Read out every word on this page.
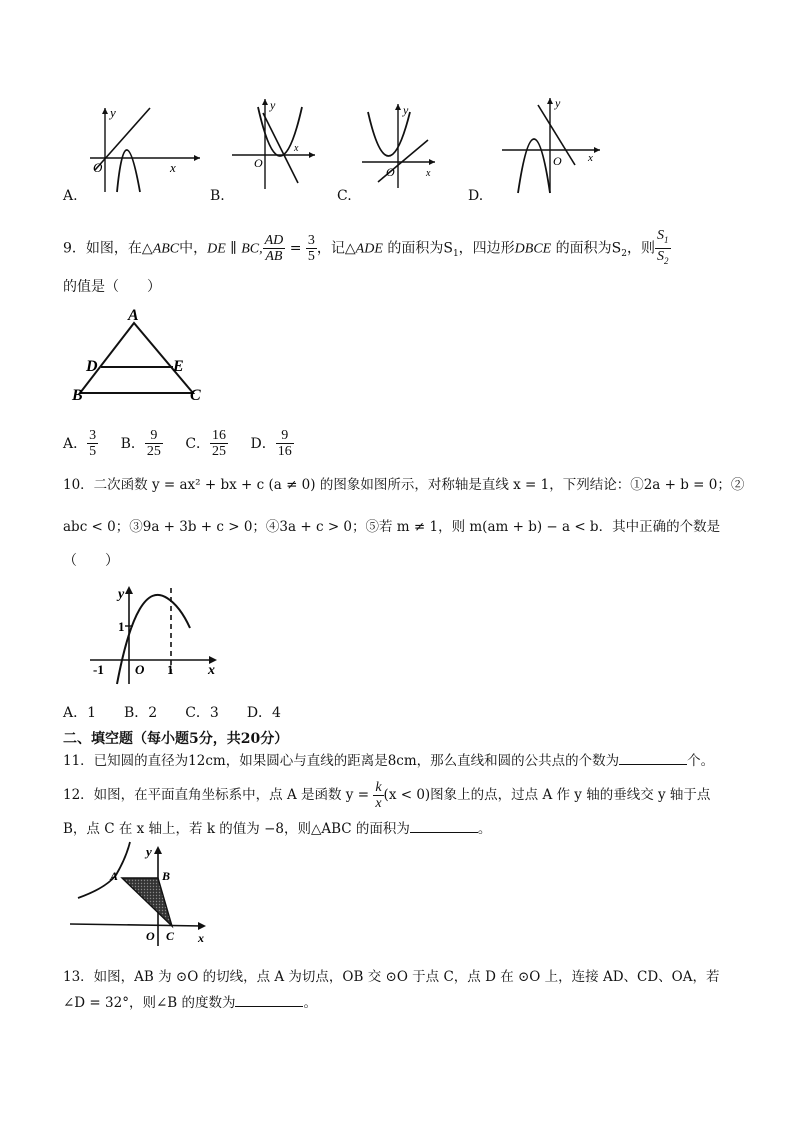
y
x
O
A.
y
x
O
B.
y
x
O
C.
y
x
O
D.
9．如图，在△ABC中，DE ∥ BC, $\frac{AD}{AB} = \frac{3}{5}$ ，记△ADE 的面积为$S_1$，四边形DBCE 的面积为$S_2$，则 $\frac{S_1}{S_2}$
的值是（　　）
A
D	E
B	C
A． $\frac{3}{5}$ B． $\frac{9}{25}$ C． $\frac{16}{25}$ D． $\frac{9}{16}$
10．二次函数 y = ax² + bx + c (a ≠ 0) 的图象如图所示，对称轴是直线 x = 1，下列结论：①2a + b = 0；②
abc < 0；③9a + 3b + c > 0；④3a + c > 0；⑤若 m ≠ 1，则 m(am + b) − a < b．其中正确的个数是
（　　）
y
1
-1 O 1 x
A．1　　B．2　　C．3　　D．4
二、填空题（每小题5分，共20分）
11．已知圆的直径为12cm，如果圆心与直线的距离是8cm，那么直线和圆的公共点的个数为	个。
12．如图，在平面直角坐标系中，点 A 是函数 $y = \frac{k}{x} (x < 0)$图象上的点，过点 A 作 y 轴的垂线交 y 轴于点
B，点 C 在 x 轴上，若 k 的值为 −8，则△ABC 的面积为	。
y
A	B
O C x
13．如图，AB 为 ⊙O 的切线，点 A 为切点，OB 交 ⊙O 于点 C，点 D 在 ⊙O 上，连接 AD、CD、OA，若
∠D = 32°，则∠B 的度数为	。
